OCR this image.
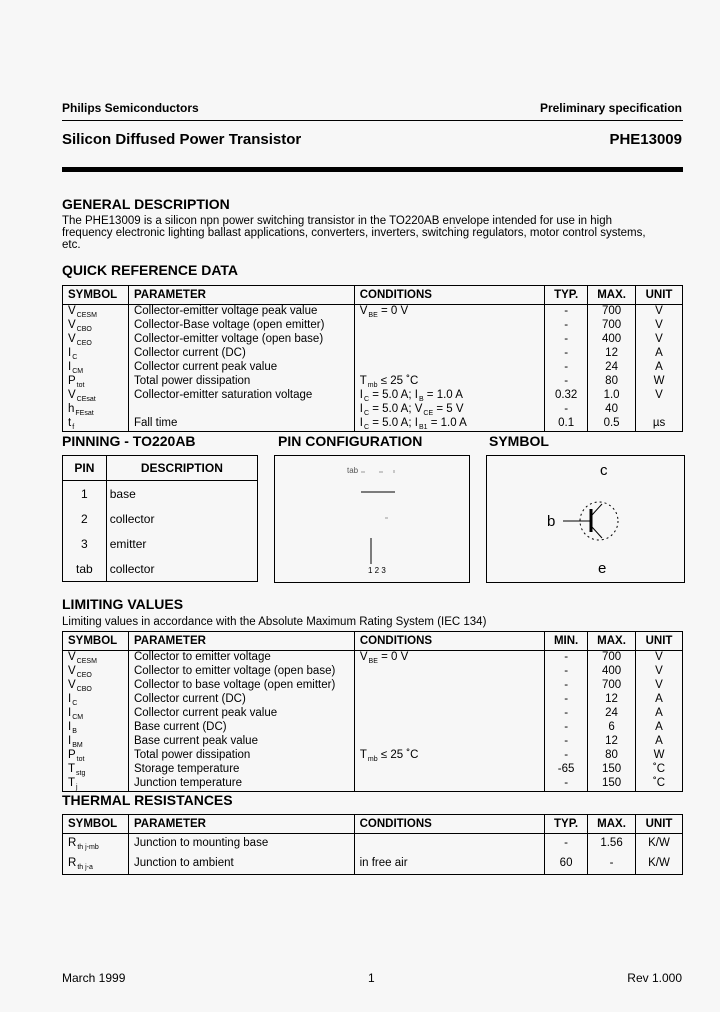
Philips Semiconductors	Preliminary specification
Silicon Diffused Power Transistor	PHE13009
GENERAL DESCRIPTION
The PHE13009 is a silicon npn power switching transistor in the TO220AB envelope intended for use in high
frequency electronic lighting ballast applications, converters, inverters, switching regulators, motor control systems,
etc.
QUICK REFERENCE DATA
SYMBOL	PARAMETER	CONDITIONS	TYP.	MAX.	UNIT
$V_{CESM}$	Collector-emitter voltage peak value	$V_{BE} = 0$ V	-	700	V
$V_{CBO}$	Collector-Base voltage (open emitter)		-	700	V
$V_{CEO}$	Collector-emitter voltage (open base)		-	400	V
$I_C$	Collector current (DC)		-	12	A
$I_{CM}$	Collector current peak value		-	24	A
$P_{tot}$	Total power dissipation	$T_{mb} \le 25$ ˚C	-	80	W
$V_{CEsat}$	Collector-emitter saturation voltage	$I_C = 5.0$ A; $I_B = 1.0$ A	0.32	1.0	V
$h_{FEsat}$		$I_C = 5.0$ A; $V_{CE} = 5$ V	-	40	
$t_f$	Fall time	$I_C = 5.0$ A; $I_{B1} = 1.0$ A	0.1	0.5	µs
PINNING - TO220AB
PIN	DESCRIPTION
1	base
2	collector
3	emitter
tab	collector
PIN CONFIGURATION
tab
1 2 3
SYMBOL
c
b
e
LIMITING VALUES
Limiting values in accordance with the Absolute Maximum Rating System (IEC 134)
SYMBOL	PARAMETER	CONDITIONS	MIN.	MAX.	UNIT
$V_{CESM}$	Collector to emitter voltage	$V_{BE} = 0$ V	-	700	V
$V_{CEO}$	Collector to emitter voltage (open base)		-	400	V
$V_{CBO}$	Collector to base voltage (open emitter)		-	700	V
$I_C$	Collector current (DC)		-	12	A
$I_{CM}$	Collector current peak value		-	24	A
$I_B$	Base current (DC)		-	6	A
$I_{BM}$	Base current peak value		-	12	A
$P_{tot}$	Total power dissipation	$T_{mb} \le 25$ ˚C	-	80	W
$T_{stg}$	Storage temperature		-65	150	˚C
$T_j$	Junction temperature		-	150	˚C
THERMAL RESISTANCES
SYMBOL	PARAMETER	CONDITIONS	TYP.	MAX.	UNIT
$R_{th j-mb}$	Junction to mounting base		-	1.56	K/W
$R_{th j-a}$	Junction to ambient	in free air	60	-	K/W
March 1999	1	Rev 1.000
